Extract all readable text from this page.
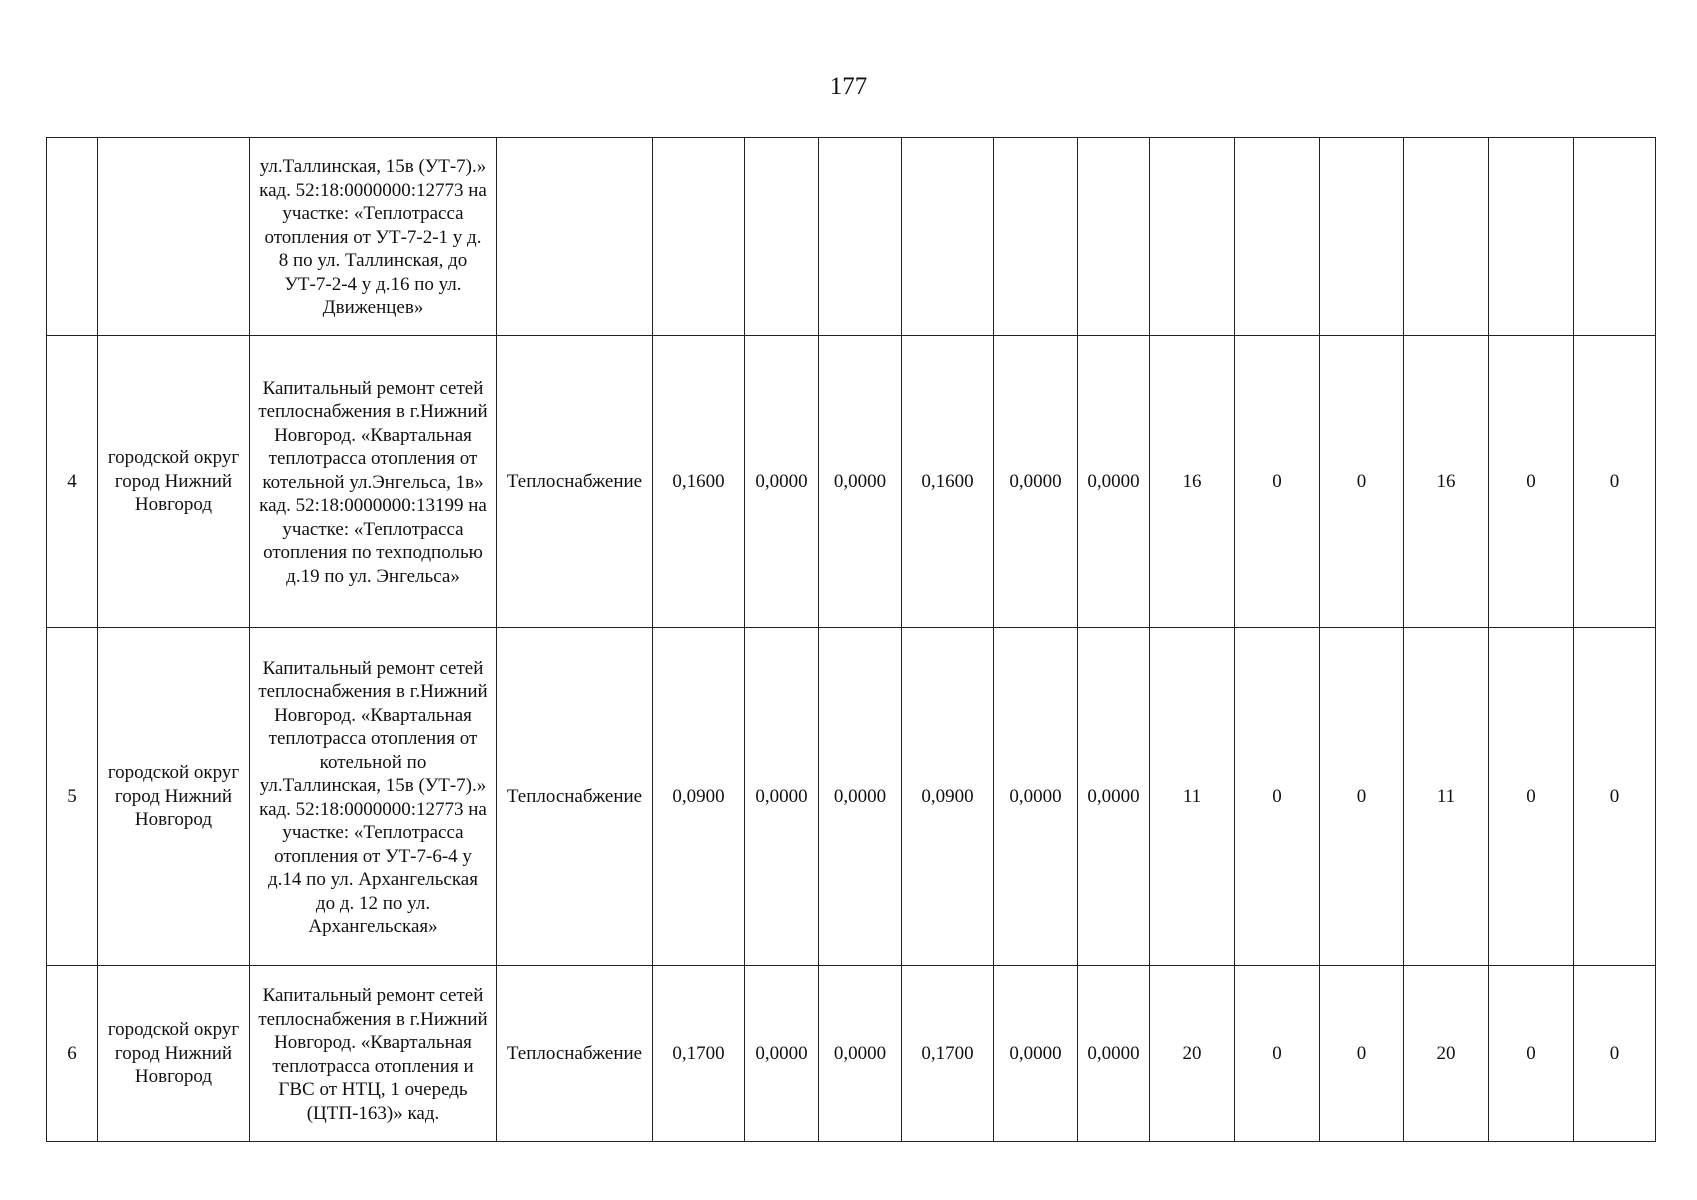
177
		ул.Таллинская, 15в (УТ-7).» кад. 52:18:0000000:12773 на участке: «Теплотрасса отопления от УТ-7-2-1 у д. 8 по ул. Таллинская, до УТ-7-2-4 у д.16 по ул. Движенцев»													
4	городской округ город Нижний Новгород	Капитальный ремонт сетей теплоснабжения в г.Нижний Новгород. «Квартальная теплотрасса отопления от котельной ул.Энгельса, 1в» кад. 52:18:0000000:13199 на участке: «Теплотрасса отопления по техподполью д.19 по ул. Энгельса»	Теплоснабжение	0,1600	0,0000	0,0000	0,1600	0,0000	0,0000	16	0	0	16	0	0
5	городской округ город Нижний Новгород	Капитальный ремонт сетей теплоснабжения в г.Нижний Новгород. «Квартальная теплотрасса отопления от котельной по ул.Таллинская, 15в (УТ-7).» кад. 52:18:0000000:12773 на участке: «Теплотрасса отопления от УТ-7-6-4 у д.14 по ул. Архангельская до д. 12 по ул. Архангельская»	Теплоснабжение	0,0900	0,0000	0,0000	0,0900	0,0000	0,0000	11	0	0	11	0	0
6	городской округ город Нижний Новгород	Капитальный ремонт сетей теплоснабжения в г.Нижний Новгород. «Квартальная теплотрасса отопления и ГВС от НТЦ, 1 очередь (ЦТП-163)» кад.	Теплоснабжение	0,1700	0,0000	0,0000	0,1700	0,0000	0,0000	20	0	0	20	0	0
